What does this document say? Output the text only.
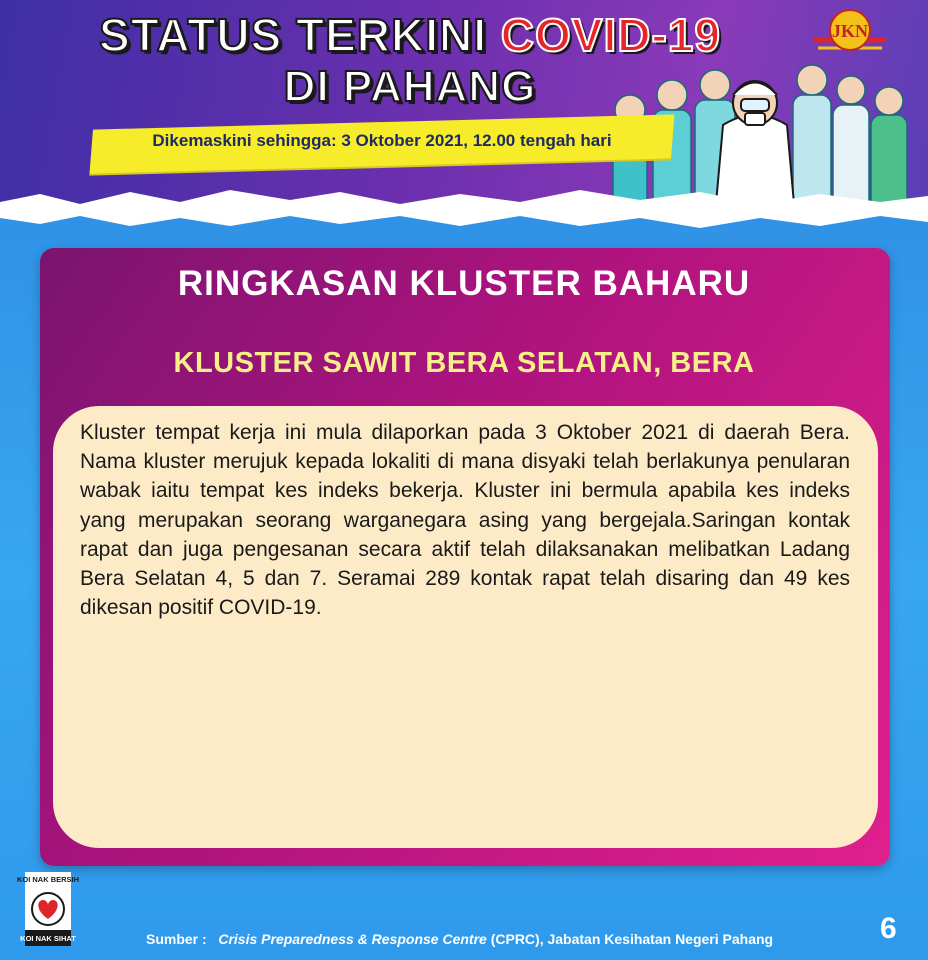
STATUS TERKINI COVID-19
DI PAHANG
Dikemaskini sehingga: 3 Oktober 2021, 12.00 tengah hari
JKN
RINGKASAN KLUSTER BAHARU
KLUSTER SAWIT BERA SELATAN, BERA

Kluster tempat kerja ini mula dilaporkan pada 3 Oktober 2021 di daerah Bera. Nama kluster merujuk kepada lokaliti di mana disyaki telah berlakunya penularan wabak iaitu tempat kes indeks bekerja. Kluster ini bermula apabila kes indeks yang merupakan seorang warganegara asing yang bergejala.Saringan kontak rapat dan juga pengesanan secara aktif telah dilaksanakan melibatkan Ladang Bera Selatan 4, 5 dan 7. Seramai 289 kontak rapat telah disaring dan 49 kes dikesan positif COVID-19.

KOI NAK BERSIH
KOI NAK SIHAT	Sumber : Crisis Preparedness & Response Centre (CPRC), Jabatan Kesihatan Negeri Pahang	6
